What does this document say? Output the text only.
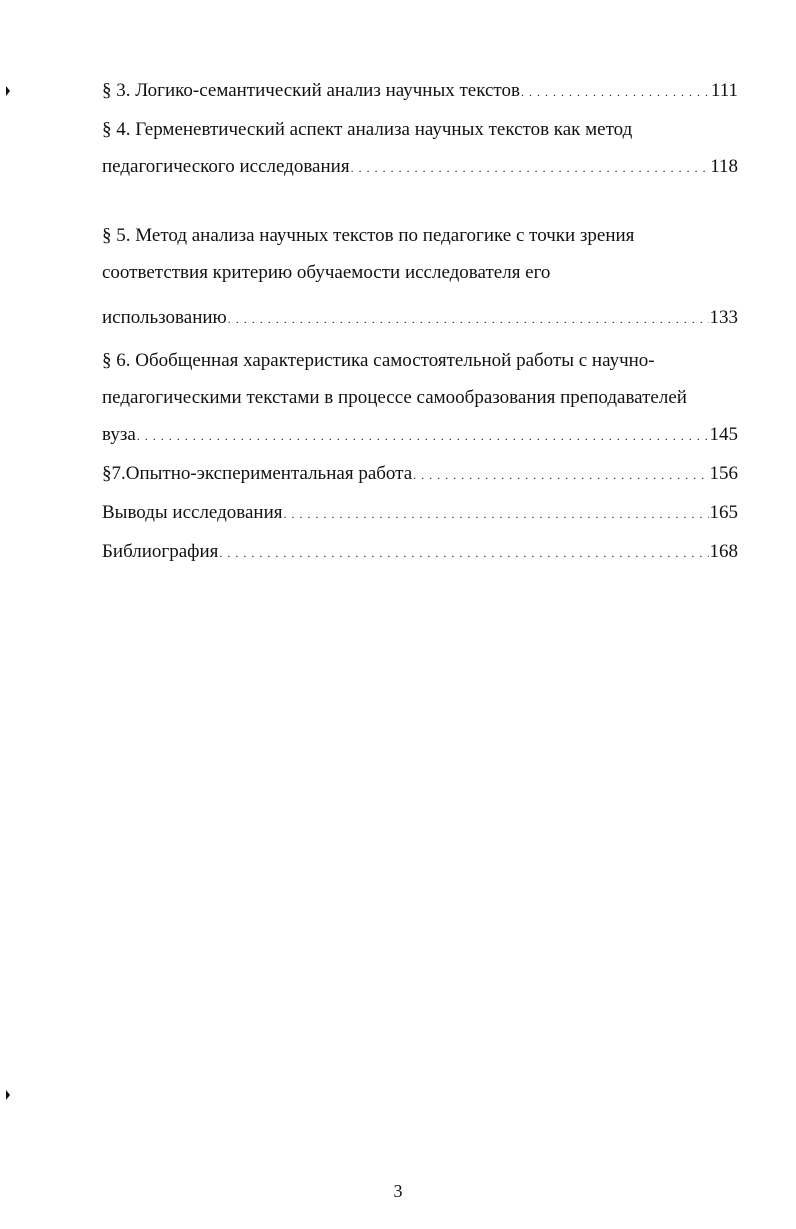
§ 3. Логико-семантический анализ научных текстов . . .	111
§ 4. Герменевтический аспект анализа научных текстов как метод
педагогического исследования . . .	118
§ 5. Метод анализа научных текстов по педагогике с точки зрения
соответствия критерию обучаемости исследователя его
использованию . . .	133
§ 6. Обобщенная характеристика самостоятельной работы с научно-
педагогическими текстами в процессе самообразования преподавателей
вуза . . .	145
§7.Опытно-экспериментальная работа . . .	156
Выводы исследования . . .	165
Библиография . . .	168
3
